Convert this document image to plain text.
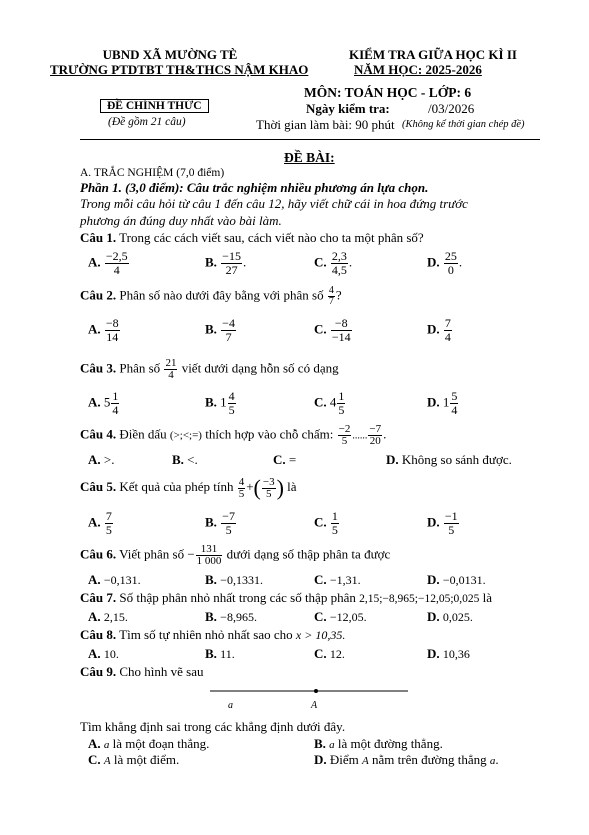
UBND XÃ MƯỜNG TÈ
TRƯỜNG PTDTBT TH&THCS NẬM KHAO
KIỂM TRA GIỮA HỌC KÌ II
NĂM HỌC: 2025-2026
MÔN: TOÁN HỌC - LỚP: 6
ĐỀ CHÍNH THỨC
(Đề gồm 21 câu)
Ngày kiểm tra:	/03/2026
Thời gian làm bài: 90 phút (Không kể thời gian chép đề)
ĐỀ BÀI:
A. TRẮC NGHIỆM (7,0 điểm)
Phần 1. (3,0 điểm): Câu trắc nghiệm nhiều phương án lựa chọn.
Trong mỗi câu hỏi từ câu 1 đến câu 12, hãy viết chữ cái in hoa đứng trước
phương án đúng duy nhất vào bài làm.
Câu 1. Trong các cách viết sau, cách viết nào cho ta một phân số?
A. $\frac{-2,5}{4}$	B. $\frac{-15}{27}$ .	C. $\frac{2,3}{4,5}$ .	D. $\frac{25}{0}$ .
Câu 2. Phân số nào dưới đây bằng với phân số $\frac{4}{7}$ ?
A. $\frac{-8}{14}$	B. $\frac{-4}{7}$	C. $\frac{-8}{-14}$	D. $\frac{7}{4}$
Câu 3. Phân số $\frac{21}{4}$ viết dưới dạng hỗn số có dạng
A. $5 \frac{1}{4}$	B. $1 \frac{4}{5}$	C. $4 \frac{1}{5}$	D. $1 \frac{5}{4}$
Câu 4. Điền dấu (>;<;=) thích hợp vào chỗ chấm: $\frac{-2}{5}$ ...... $\frac{-7}{20}$ .
A. >.	B. <.	C. =	D. Không so sánh được.
Câu 5. Kết quả của phép tính $\frac{4}{5}$ +( $\frac{-3}{5}$ ) là
A. $\frac{7}{5}$	B. $\frac{-7}{5}$	C. $\frac{1}{5}$	D. $\frac{-1}{5}$
Câu 6. Viết phân số − $\frac{131}{1 000}$ dưới dạng số thập phân ta được
A. −0,131.	B. −0,1331.	C. −1,31.	D. −0,0131.
Câu 7. Số thập phân nhỏ nhất trong các số thập phân 2,15;−8,965;−12,05;0,025 là
A. 2,15.	B. −8,965.	C. −12,05.	D. 0,025.
Câu 8. Tìm số tự nhiên nhỏ nhất sao cho x > 10,35.
A. 10.	B. 11.	C. 12.	D. 10,36
Câu 9. Cho hình vẽ sau
a	A
Tìm khẳng định sai trong các khẳng định dưới đây.
A. a là một đoạn thẳng.	B. a là một đường thẳng.
C. A là một điểm.	D. Điểm A nằm trên đường thẳng a.
